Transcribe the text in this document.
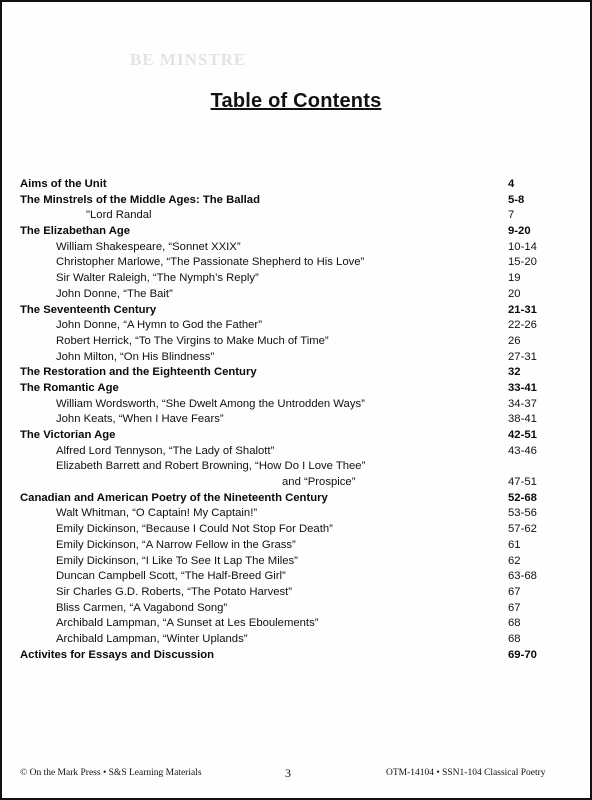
BE MINSTRE
Table of Contents
Aims of the Unit	4
The Minstrels of the Middle Ages: The Ballad	5-8
"Lord Randal	7
The Elizabethan Age	9-20
William Shakespeare, “Sonnet XXIX”	10-14
Christopher Marlowe, “The Passionate Shepherd to His Love”	15-20
Sir Walter Raleigh, “The Nymph’s Reply”	19
John Donne, “The Bait”	20
The Seventeenth Century	21-31
John Donne, “A Hymn to God the Father”	22-26
Robert Herrick, “To The Virgins to Make Much of Time”	26
John Milton, “On His Blindness”	27-31
The Restoration and the Eighteenth Century	32
The Romantic Age	33-41
William Wordsworth, “She Dwelt Among the Untrodden Ways”	34-37
John Keats, “When I Have Fears”	38-41
The Victorian Age	42-51
Alfred Lord Tennyson, “The Lady of Shalott”	43-46
Elizabeth Barrett and Robert Browning, “How Do I Love Thee”
and “Prospice”	47-51
Canadian and American Poetry of the Nineteenth Century	52-68
Walt Whitman, “O Captain! My Captain!”	53-56
Emily Dickinson, “Because I Could Not Stop For Death”	57-62
Emily Dickinson, “A Narrow Fellow in the Grass”	61
Emily Dickinson, “I Like To See It Lap The Miles”	62
Duncan Campbell Scott, “The Half-Breed Girl”	63-68
Sir Charles G.D. Roberts, “The Potato Harvest”	67
Bliss Carmen, “A Vagabond Song”	67
Archibald Lampman, “A Sunset at Les Eboulements”	68
Archibald Lampman, “Winter Uplands”	68
Activites for Essays and Discussion	69-70
© On the Mark Press • S&S Learning Materials	3	OTM-14104 • SSN1-104 Classical Poetry
